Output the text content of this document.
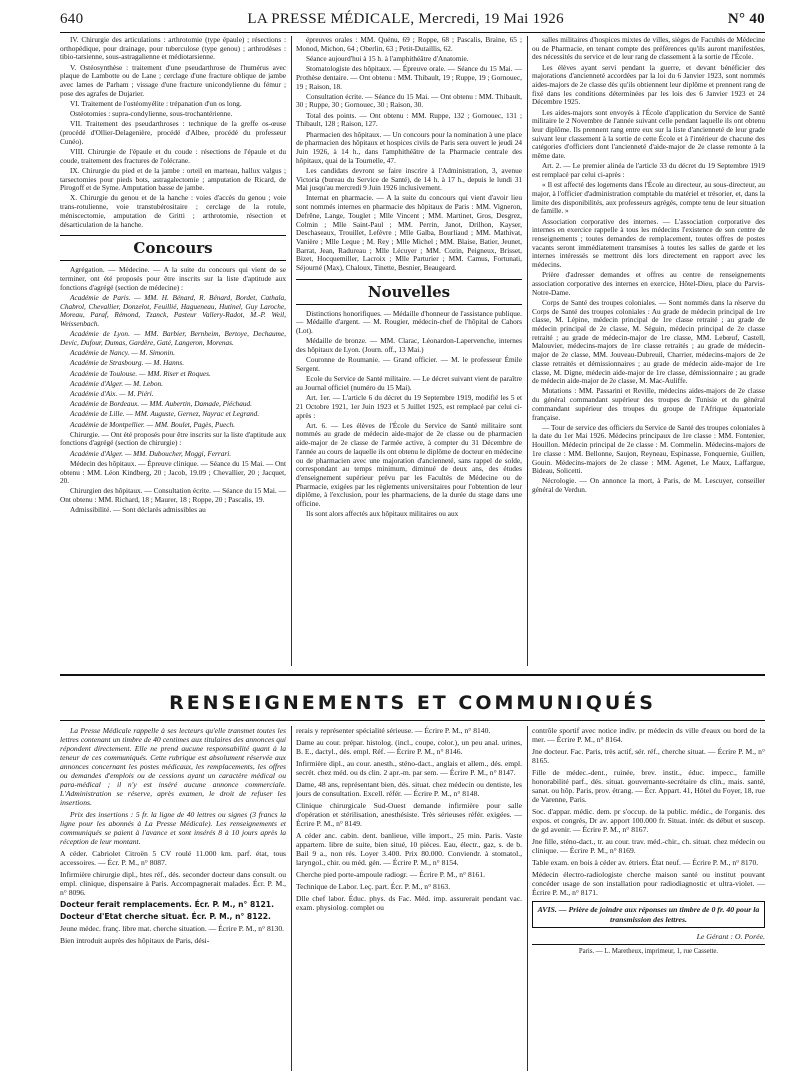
640	LA PRESSE MÉDICALE, Mercredi, 19 Mai 1926	N° 40

IV. Chirurgie des articulations : arthrotomie (type épaule) ; résections : orthopédique, pour drainage, pour tuberculose (type genou) ; arthrodèses : tibio-tarsienne, sous-astragalienne et médiotarsienne.

V. Ostéosynthèse : traitement d'une pseudarthrose de l'humérus avec plaque de Lambotte ou de Lane ; cerclage d'une fracture oblique de jambe avec lames de Parham ; vissage d'une fracture unicondylienne du fémur ; pose des agrafes de Dujarier.

VI. Traitement de l'ostéomyélite : trépanation d'un os long.

Ostéotomies : supra-condylienne, sous-trochantérienne.

VII. Traitement des pseudarthroses : technique de la greffe os-œuse (procédé d'Ollier-Delagenière, procédé d'Albee, procédé du professeur Cunéo).

VIII. Chirurgie de l'épaule et du coude : résections de l'épaule et du coude, traitement des fractures de l'olécrane.

IX. Chirurgie du pied et de la jambe : orteil en marteau, hallux valgus ; tarsectomies pour pieds bots, astragalectomie ; amputation de Ricard, de Pirogoff et de Syme. Amputation basse de jambe.

X. Chirurgie du genou et de la hanche : voies d'accès du genou ; voie trans-rotulienne, voie transtubérositaire ; cerclage de la rotule, méniscectomie, amputation de Gritti ; arthrotomie, résection et désarticulation de la hanche.

Concours

Agrégation. — Médecine. — A la suite du concours qui vient de se terminer, ont été proposés pour être inscrits sur la liste d'aptitude aux fonctions d'agrégé (section de médecine) :

Académie de Paris. — MM. H. Bénard, R. Bénard, Bordet, Cathala, Chabrol, Chevallier, Donzelot, Feuillié, Hagueneau, Hutinel, Guy Laroche, Moreau, Paraf, Rémond, Tzanck, Pasteur Vallery-Radot, M.-P. Weil, Weissenbach.

Académie de Lyon. — MM. Barbier, Bernheim, Bertoye, Dechaume, Devic, Dufour, Dumas, Gardère, Gaté, Langeron, Morenas.

Académie de Nancy. — M. Simonin.

Académie de Strasbourg. — M. Hanns.

Académie de Toulouse. — MM. Riser et Roques.

Académie d'Alger. — M. Lebon.

Académie d'Aix. — M. Piéri.

Académie de Bordeaux. — MM. Aubertin, Damade, Piéchaud.

Académie de Lille. — MM. Auguste, Gernez, Nayrac et Legrand.

Académie de Montpellier. — MM. Boulet, Pagès, Puech.

Chirurgie. — Ont été proposés pour être inscrits sur la liste d'aptitude aux fonctions d'agrégé (section de chirurgie) :

Académie d'Alger. — MM. Duboucher, Moggi, Ferrari.

Médecin des hôpitaux. — Épreuve clinique. — Séance du 15 Mai. — Ont obtenu : MM. Léon Kindberg, 20 ; Jacob, 19.09 ; Chevallier, 20 ; Jacquet, 20.

Chirurgien des hôpitaux. — Consultation écrite. — Séance du 15 Mai. — Ont obtenu : MM. Richard, 18 ; Maurer, 18 ; Roppe, 20 ; Pascalis, 19.

Admissibilité. — Sont déclarés admissibles au

épreuves orales : MM. Quénu, 69 ; Roppe, 68 ; Pascalis, Braine, 65 ; Monod, Michon, 64 ; Oberlin, 63 ; Petit-Dutaillis, 62.

Séance aujourd'hui à 15 h. à l'amphithéâtre d'Anatomie.

Stomatologiste des hôpitaux. — Épreuve orale. — Séance du 15 Mai. — Prothèse dentaire. — Ont obtenu : MM. Thibault, 19 ; Ruppe, 19 ; Gornouec, 19 ; Raison, 18.

Consultation écrite. — Séance du 15 Mai. — Ont obtenu : MM. Thibault, 30 ; Ruppe, 30 ; Gornouec, 30 ; Raison, 30.

Total des points. — Ont obtenu : MM. Ruppe, 132 ; Gornouec, 131 ; Thibault, 128 ; Raison, 127.

Pharmacien des hôpitaux. — Un concours pour la nomination à une place de pharmacien des hôpitaux et hospices civils de Paris sera ouvert le jeudi 24 Juin 1926, à 14 h., dans l'amphithéâtre de la Pharmacie centrale des hôpitaux, quai de la Tournelle, 47.

Les candidats devront se faire inscrire à l'Administration, 3, avenue Victoria (bureau du Service de Santé), de 14 h. à 17 h., depuis le lundi 31 Mai jusqu'au mercredi 9 Juin 1926 inclusivement.

Internat en pharmacie. — A la suite du concours qui vient d'avoir lieu sont nommés internes en pharmacie des hôpitaux de Paris : MM. Vigneron, Defrêne, Lange, Touglet ; Mlle Vincent ; MM. Martinet, Gros, Desgrez, Colmin ; Mlle Saint-Paul ; MM. Perrin, Janot, Drilhon, Kayser, Deschaseaux, Trouillet, Lefèvre ; Mlle Galba, Bourliaud ; MM. Mathivat, Vanière ; Mlle Leque ; M. Rey ; Mlle Michel ; MM. Blaise, Batier, Jeunet, Barrat, Jean, Radureau ; Mlle Lécuyer ; MM. Cozin, Peigneux, Brisset, Bizet, Hocquemiller, Lacroix ; Mlle Parturier ; MM. Camus, Fortunati, Séjourné (Max), Chaloux, Tinette, Besnier, Beaugeard.

Nouvelles

Distinctions honorifiques. — Médaille d'honneur de l'assistance publique. — Médaille d'argent. — M. Rougier, médecin-chef de l'hôpital de Cahors (Lot).

Médaille de bronze. — MM. Clarac, Léonardon-Lapervenche, internes des hôpitaux de Lyon. (Journ. off., 13 Mai.)

Couronne de Roumanie. — Grand officier. — M. le professeur Émile Sergent.

Ecole du Service de Santé militaire. — Le décret suivant vient de paraître au Journal officiel (numéro du 15 Mai).

Art. 1er. — L'article 6 du décret du 19 Septembre 1919, modifié les 5 et 21 Octobre 1921, 1er Juin 1923 et 5 Juillet 1925, est remplacé par celui ci-après :

Art. 6. — Les élèves de l'École du Service de Santé militaire sont nommés au grade de médecin aide-major de 2e classe ou de pharmacien aide-major de 2e classe de l'armée active, à compter du 31 Décembre de l'année au cours de laquelle ils ont obtenu le diplôme de docteur en médecine ou de pharmacien avec une majoration d'ancienneté, sans rappel de solde, correspondant au temps minimum, diminué de deux ans, des études d'enseignement supérieur prévu par les Facultés de Médecine ou de Pharmacie, exigées par les règlements universitaires pour l'obtention de leur diplôme, à l'exclusion, pour les pharmaciens, de la durée du stage dans une officine.

Ils sont alors affectés aux hôpitaux militaires ou aux

salles militaires d'hospices mixtes de villes, sièges de Facultés de Médecine ou de Pharmacie, en tenant compte des préférences qu'ils auront manifestées, des nécessités du service et de leur rang de classement à la sortie de l'École.

Les élèves ayant servi pendant la guerre, et devant bénéficier des majorations d'ancienneté accordées par la loi du 6 Janvier 1923, sont nommés aides-majors de 2e classe dès qu'ils obtiennent leur diplôme et prennent rang de fixé dans les conditions déterminées par les lois des 6 Janvier 1923 et 24 Décembre 1925.

Les aides-majors sont envoyés à l'École d'application du Service de Santé militaire le 2 Novembre de l'année suivant celle pendant laquelle ils ont obtenu leur diplôme. Ils prennent rang entre eux sur la liste d'ancienneté de leur grade suivant leur classement à la sortie de cette École et à l'intérieur de chacune des catégories d'officiers dont l'ancienneté d'aide-major de 2e classe remonte à la même date.

Art. 2. — Le premier alinéa de l'article 33 du décret du 19 Septembre 1919 est remplacé par celui ci-après :

« Il est affecté des logements dans l'École au directeur, au sous-directeur, au major, à l'officier d'administration comptable du matériel et trésorier, et, dans la limite des disponibilités, aux professeurs agrégés, compte tenu de leur situation de famille. »

Association corporative des internes. — L'association corporative des internes en exercice rappelle à tous les médecins l'existence de son centre de renseignements ; toutes demandes de remplacement, toutes offres de postes vacants seront immédiatement transmises à toutes les salles de garde et les internes intéressés se mettront dès lors directement en rapport avec les médecins.

Prière d'adresser demandes et offres au centre de renseignements association corporative des internes en exercice, Hôtel-Dieu, place du Parvis-Notre-Dame.

Corps de Santé des troupes coloniales. — Sont nommés dans la réserve du Corps de Santé des troupes coloniales : Au grade de médecin principal de 1re classe, M. Lépine, médecin principal de 1re classe retraité ; au grade de médecin principal de 2e classe, M. Séguin, médecin principal de 2e classe retraité ; au grade de médecin-major de 1re classe, MM. Lebœuf, Castell, Malouvier, médecins-majors de 1re classe retraités ; au grade de médecin-major de 2e classe, MM. Jouveau-Dubreuil, Charrier, médecins-majors de 2e classe retraités et démissionnaires ; au grade de médecin aide-major de 1re classe, M. Digne, médecin aide-major de 1re classe, démissionnaire ; au grade de médecin aide-major de 2e classe, M. Mac-Auliffe.

Mutations : MM. Passarini et Reville, médecins aides-majors de 2e classe du général commandant supérieur des troupes de Tunisie et du général commandant supérieur des troupes du groupe de l'Afrique équatoriale française.

— Tour de service des officiers du Service de Santé des troupes coloniales à la date du 1er Mai 1926. Médecins principaux de 1re classe : MM. Fontenier, Houillon. Médecin principal de 2e classe : M. Commelin. Médecins-majors de 1re classe : MM. Bellonne, Saujon, Reyneau, Espinasse, Fonquernie, Guillen, Gouin. Médecins-majors de 2e classe : MM. Agenet, Le Maux, Laffargue, Bideau, Solicetti.

Nécrologie. — On annonce la mort, à Paris, de M. Lescuyer, conseiller général de Verdun.

RENSEIGNEMENTS ET COMMUNIQUÉS

La Presse Médicale rappelle à ses lecteurs qu'elle transmet toutes les lettres contenant un timbre de 40 centimes aux titulaires des annonces qui répondent directement. Elle ne prend aucune responsabilité quant à la teneur de ces communiqués. Cette rubrique est absolument réservée aux annonces concernant les postes médicaux, les remplacements, les offres ou demandes d'emplois ou de cessions ayant un caractère médical ou para-médical ; il n'y est inséré aucune annonce commerciale. L'Administration se réserve, après examen, le droit de refuser les insertions.

Prix des insertions : 5 fr. la ligne de 40 lettres ou signes (3 francs la ligne pour les abonnés à La Presse Médicale). Les renseignements et communiqués se paient à l'avance et sont insérés 8 à 10 jours après la réception de leur montant.

A céder. Cabriolet Citroën 5 CV roulé 11.000 km. parf. état, tous accessoires. — Écr. P. M., n° 8087.

Infirmière chirurgie dipl., htes réf., dés. seconder docteur dans consult. ou empl. clinique, dispensaire à Paris. Accompagnerait malades. Écr. P. M., n° 8096.

Docteur ferait remplacements. Écr. P. M., n° 8121.

Docteur d'Etat cherche situat. Écr. P. M., n° 8122.

Jeune médec. franç. libre mat. cherche situation. — Écrire P. M., n° 8130.

Bien introduit auprès des hôpitaux de Paris, dési-

rerais y représenter spécialité sérieuse. — Écrire P. M., n° 8140.

Dame au cour. prépar. histolog. (incl., coupe, color.), un peu anal. urines, B. E., dactyl., dés. empl. Réf. — Écrire P. M., n° 8146.

Infirmière dipl., au cour. anesth., sténo-dact., anglais et allem., dés. empl. secrét. chez méd. ou ds clin. 2 apr.-m. par sem. — Écrire P. M., n° 8147.

Dame, 48 ans, représentant bien, dés. situat. chez médecin ou dentiste, les jours de consultation. Excell. référ. — Écrire P. M., n° 8148.

Clinique chirurgicale Sud-Ouest demande infirmière pour salle d'opération et stérilisation, anesthésiste. Très sérieuses référ. exigées. — Écrire P. M., n° 8149.

A céder anc. cabin. dent. banlieue, ville import., 25 min. Paris. Vaste appartem. libre de suite, bien situé, 10 pièces. Eau, électr., gaz, s. de b. Bail 9 a., non rés. Loyer 3.400. Prix 80.000. Conviendr. à stomatol., laryngol., chir. ou méd. gén. — Écrire P. M., n° 8154.

Cherche pied porte-ampoule radiogr. — Écrire P. M., n° 8161.

Technique de Labor. Leç. part. Écr. P. M., n° 8163.

Dlle chef labor. Éduc. phys. ds Fac. Méd. imp. assurerait pendant vac. exam. physiolog. complet ou

contrôle sportif avec notice indiv. pr médecin ds ville d'eaux ou bord de la mer. — Écrire P. M., n° 8164.

Jne docteur. Fac. Paris, très actif, sér. réf., cherche situat. — Écrire P. M., n° 8165.

Fille de médec.-dent., ruinée, brev. instit., éduc. impecc., famille honorabilité parf., dés. situat. gouvernante-secrétaire ds clin., mais. santé, sanat. ou hôp. Paris, prov. étrang. — Écr. Appart. 41, Hôtel du Foyer, 18, rue de Varenne, Paris.

Soc. d'appar. médic. dem. pr s'occup. de la public. médic., de l'organis. des expos. et congrès, Dr av. apport 100.000 fr. Situat. intér. ds début et suscep. de gd avenir. — Écrire P. M., n° 8167.

Jne fille, sténo-dact., tr. au cour. trav. méd.-chir., ch. situat. chez médecin ou clinique. — Écrire P. M., n° 8169.

Table exam. en bois à céder av. étriers. État neuf. — Écrire P. M., n° 8170.

Médecin électro-radiologiste cherche maison santé ou institut pouvant concéder usage de son installation pour radiodiagnostic et ultra-violet. — Écrire P. M., n° 8171.

AVIS. — Prière de joindre aux réponses un timbre de 0 fr. 40 pour la transmission des lettres.
Le Gérant : O. Porée.
Paris. — L. Maretheux, imprimeur, 1, rue Cassette.
